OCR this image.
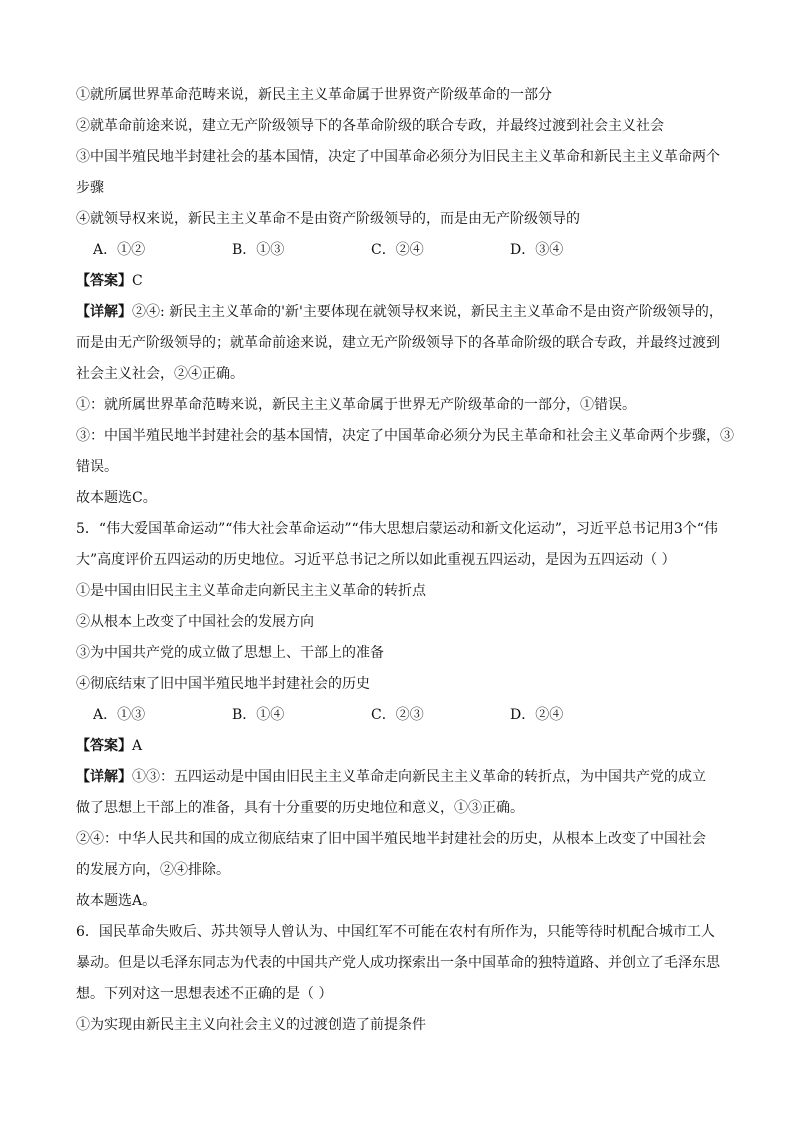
①就所属世界革命范畴来说，新民主主义革命属于世界资产阶级革命的一部分
②就革命前途来说，建立无产阶级领导下的各革命阶级的联合专政，并最终过渡到社会主义社会
③中国半殖民地半封建社会的基本国情，决定了中国革命必须分为旧民主主义革命和新民主主义革命两个
步骤
④就领导权来说，新民主主义革命不是由资产阶级领导的，而是由无产阶级领导的
A．①②	B．①③	C．②④	D．③④
【答案】C
【详解】②④: 新民主主义革命的'新'主要体现在就领导权来说，新民主主义革命不是由资产阶级领导的，
而是由无产阶级领导的；就革命前途来说，建立无产阶级领导下的各革命阶级的联合专政，并最终过渡到
社会主义社会，②④正确。
①：就所属世界革命范畴来说，新民主主义革命属于世界无产阶级革命的一部分，①错误。
③：中国半殖民地半封建社会的基本国情，决定了中国革命必须分为民主革命和社会主义革命两个步骤，③
错误。
故本题选C。
5．“伟大爱国革命运动”“伟大社会革命运动”“伟大思想启蒙运动和新文化运动”，习近平总书记用3个“伟
大”高度评价五四运动的历史地位。习近平总书记之所以如此重视五四运动，是因为五四运动（ ）
①是中国由旧民主主义革命走向新民主主义革命的转折点
②从根本上改变了中国社会的发展方向
③为中国共产党的成立做了思想上、干部上的准备
④彻底结束了旧中国半殖民地半封建社会的历史
A．①③	B．①④	C．②③	D．②④
【答案】A
【详解】①③：五四运动是中国由旧民主主义革命走向新民主主义革命的转折点，为中国共产党的成立
做了思想上干部上的准备，具有十分重要的历史地位和意义，①③正确。
②④：中华人民共和国的成立彻底结束了旧中国半殖民地半封建社会的历史，从根本上改变了中国社会
的发展方向，②④排除。
故本题选A。
6．国民革命失败后、苏共领导人曾认为、中国红军不可能在农村有所作为，只能等待时机配合城市工人
暴动。但是以毛泽东同志为代表的中国共产党人成功探索出一条中国革命的独特道路、并创立了毛泽东思
想。下列对这一思想表述不正确的是（ ）
①为实现由新民主主义向社会主义的过渡创造了前提条件
